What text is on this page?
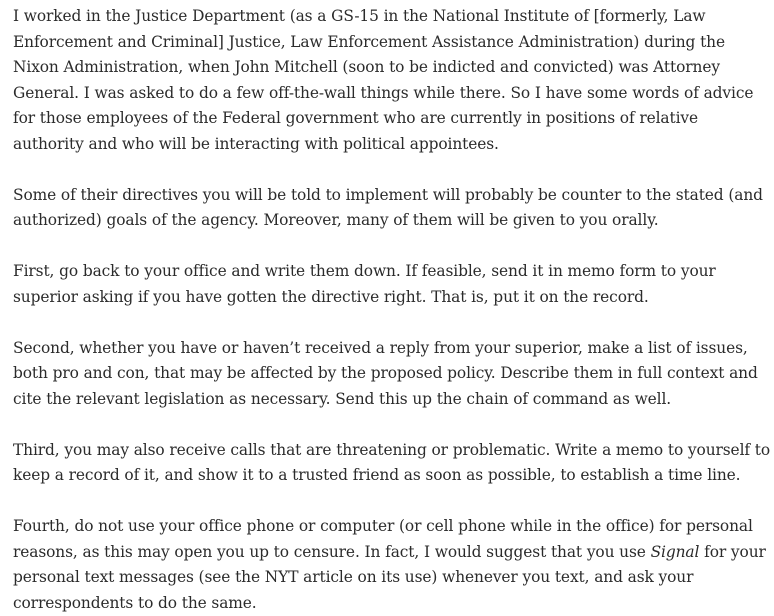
I worked in the Justice Department (as a GS-15 in the National Institute of [formerly, Law Enforcement and Criminal] Justice, Law Enforcement Assistance Administration) during the Nixon Administration, when John Mitchell (soon to be indicted and convicted) was Attorney General. I was asked to do a few off-the-wall things while there. So I have some words of advice for those employees of the Federal government who are currently in positions of relative authority and who will be interacting with political appointees.

Some of their directives you will be told to implement will probably be counter to the stated (and authorized) goals of the agency. Moreover, many of them will be given to you orally.

First, go back to your office and write them down. If feasible, send it in memo form to your superior asking if you have gotten the directive right. That is, put it on the record.

Second, whether you have or haven’t received a reply from your superior, make a list of issues, both pro and con, that may be affected by the proposed policy. Describe them in full context and cite the relevant legislation as necessary. Send this up the chain of command as well.

Third, you may also receive calls that are threatening or problematic. Write a memo to yourself to keep a record of it, and show it to a trusted friend as soon as possible, to establish a time line.

Fourth, do not use your office phone or computer (or cell phone while in the office) for personal reasons, as this may open you up to censure. In fact, I would suggest that you use Signal for your personal text messages (see the NYT article on its use) whenever you text, and ask your correspondents to do the same.
